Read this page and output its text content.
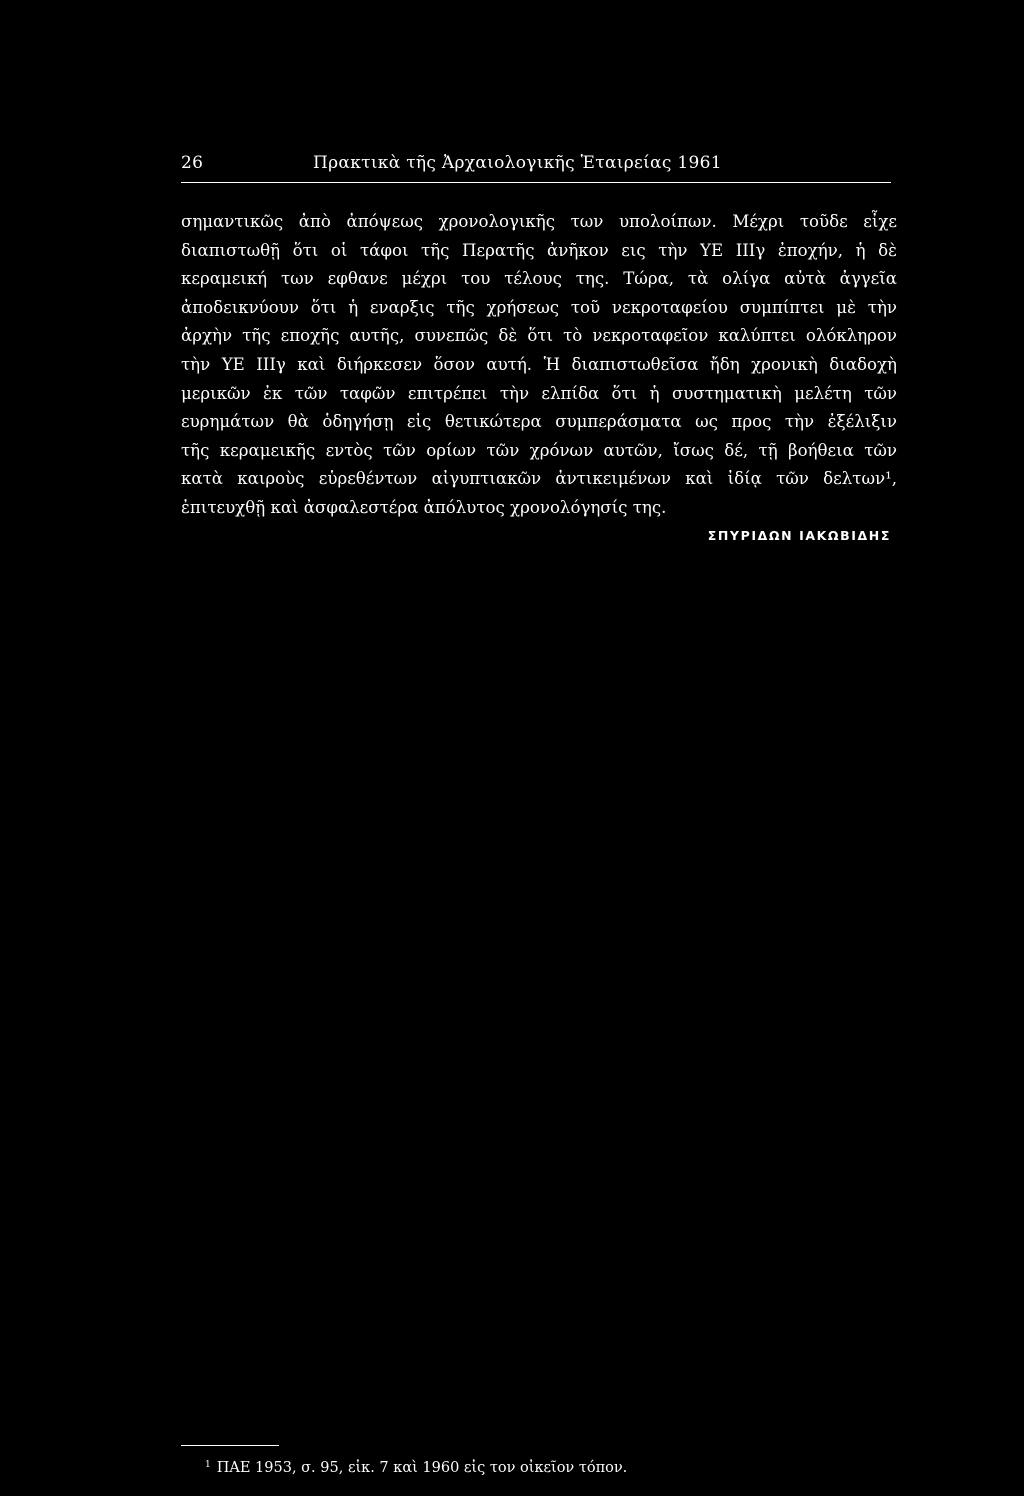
26	Πρακτικὰ τῆς Ἀρχαιολογικῆς Ἑταιρείας 1961
σημαντικῶς ἀπὸ ἀπόψεως χρονολογικῆς των υπολοίπων. Μέχρι τοῦδε εἶχε
διαπιστωθῇ ὅτι οἱ τάφοι τῆς Περατῆς ἀνῆκον εις τὴν ΥΕ ΙΙΙγ ἐποχήν, ἡ δὲ
κεραμεική των εφθανε μέχρι του τέλους της. Τώρα, τὰ ολίγα αὐτὰ ἀγγεῖα
ἀποδεικνύουν ὅτι ἡ εναρξις τῆς χρήσεως τοῦ νεκροταφείου συμπίπτει μὲ τὴν
ἀρχὴν τῆς εποχῆς αυτῆς, συνεπῶς δὲ ὅτι τὸ νεκροταφεῖον καλύπτει ολόκληρον
τὴν ΥΕ ΙΙΙγ καὶ διήρκεσεν ὅσον αυτή. Ἡ διαπιστωθεῖσα ἤδη χρονικὴ διαδοχὴ
μερικῶν ἐκ τῶν ταφῶν επιτρέπει τὴν ελπίδα ὅτι ἡ συστηματικὴ μελέτη τῶν
ευρημάτων θὰ ὁδηγήσῃ εἰς θετικώτερα συμπεράσματα ως προς τὴν ἐξέλιξιν
τῆς κεραμεικῆς εντὸς τῶν ορίων τῶν χρόνων αυτῶν, ἴσως δέ, τῇ βοήθεια τῶν
κατὰ καιροὺς εὑρεθέντων αἰγυπτιακῶν ἀντικειμένων καὶ ἰδίᾳ τῶν δελτων¹,
ἐπιτευχθῇ καὶ ἀσφαλεστέρα ἀπόλυτος χρονολόγησίς της.
ΣΠΥΡΙΔΩΝ ΙΑΚΩΒΙΔΗΣ
$^1$ ΠΑΕ 1953, σ. 95, εἰκ. 7 καὶ 1960 εἰς τον οἰκεῖον τόπον.
